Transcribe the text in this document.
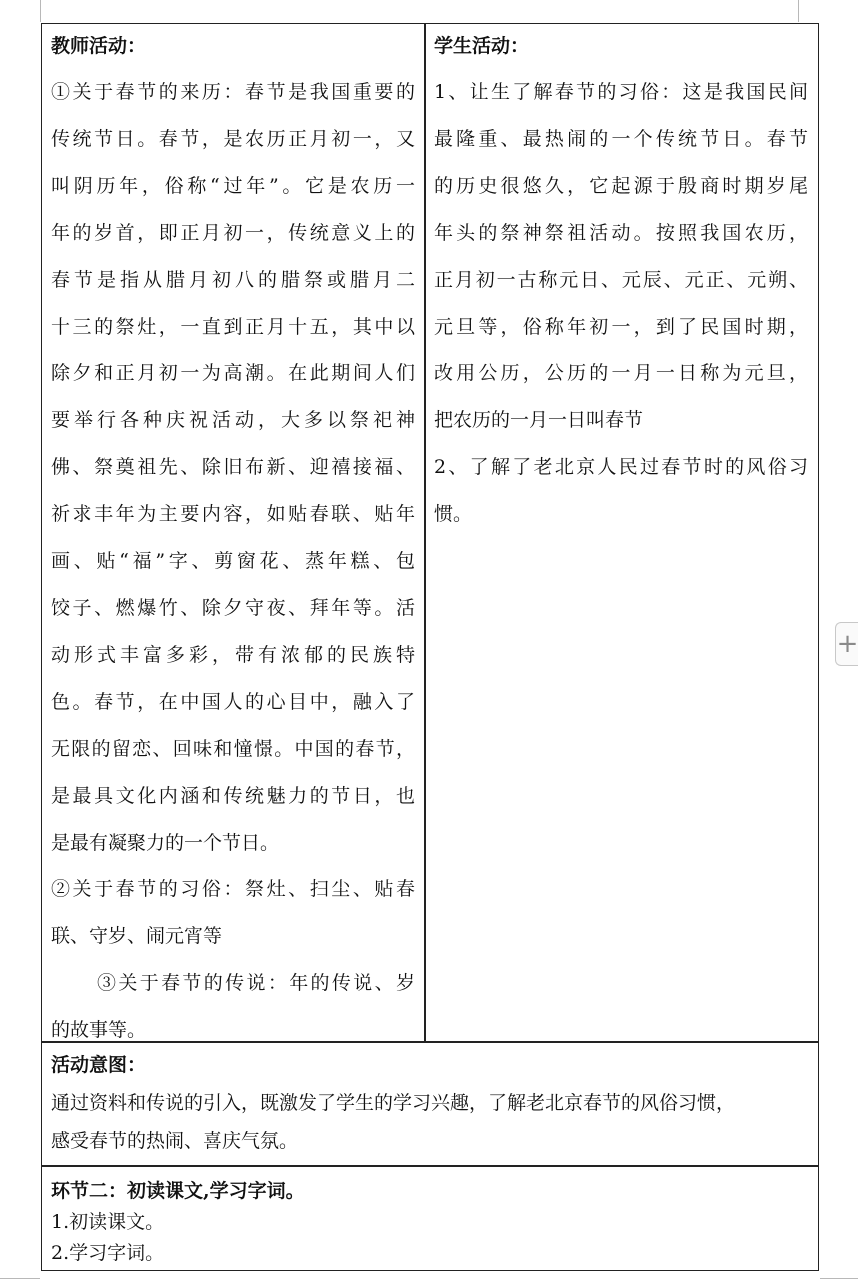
+
教师活动：
①关于春节的来历：春节是我国重要的
传统节日。春节，是农历正月初一，又
叫阴历年，俗称“过年”。它是农历一
年的岁首，即正月初一，传统意义上的
春节是指从腊月初八的腊祭或腊月二
十三的祭灶，一直到正月十五，其中以
除夕和正月初一为高潮。在此期间人们
要举行各种庆祝活动，大多以祭祀神
佛、祭奠祖先、除旧布新、迎禧接福、
祈求丰年为主要内容，如贴春联、贴年
画、贴“福”字、剪窗花、蒸年糕、包
饺子、燃爆竹、除夕守夜、拜年等。活
动形式丰富多彩，带有浓郁的民族特
色。春节，在中国人的心目中，融入了
无限的留恋、回味和憧憬。中国的春节，
是最具文化内涵和传统魅力的节日，也
是最有凝聚力的一个节日。
②关于春节的习俗：祭灶、扫尘、贴春
联、守岁、闹元宵等
③关于春节的传说：年的传说、岁
的故事等。
学生活动：
1、让生了解春节的习俗：这是我国民间
最隆重、最热闹的一个传统节日。春节
的历史很悠久，它起源于殷商时期岁尾
年头的祭神祭祖活动。按照我国农历，
正月初一古称元日、元辰、元正、元朔、
元旦等，俗称年初一，到了民国时期，
改用公历，公历的一月一日称为元旦，
把农历的一月一日叫春节
2、了解了老北京人民过春节时的风俗习
惯。
活动意图：
通过资料和传说的引入，既激发了学生的学习兴趣，了解老北京春节的风俗习惯，
感受春节的热闹、喜庆气氛。
环节二：初读课文,学习字词。
1.初读课文。
2.学习字词。
